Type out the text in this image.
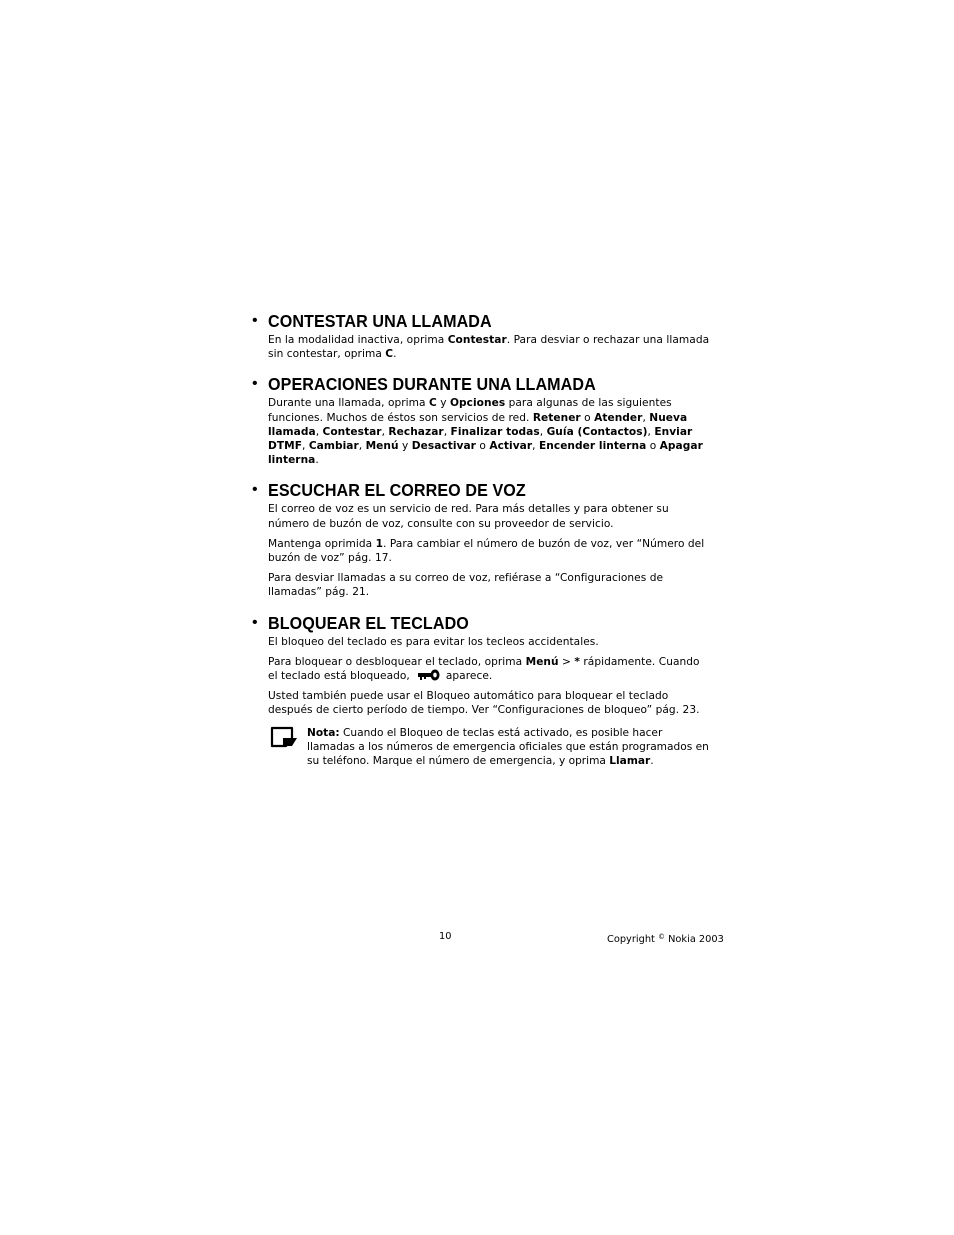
• CONTESTAR UNA LLAMADA

En la modalidad inactiva, oprima Contestar. Para desviar o rechazar una llamada sin contestar, oprima C.

• OPERACIONES DURANTE UNA LLAMADA

Durante una llamada, oprima C y Opciones para algunas de las siguientes funciones. Muchos de éstos son servicios de red. Retener o Atender, Nueva llamada, Contestar, Rechazar, Finalizar todas, Guía (Contactos), Enviar DTMF, Cambiar, Menú y Desactivar o Activar, Encender linterna o Apagar linterna.

• ESCUCHAR EL CORREO DE VOZ

El correo de voz es un servicio de red. Para más detalles y para obtener su número de buzón de voz, consulte con su proveedor de servicio.

Mantenga oprimida 1. Para cambiar el número de buzón de voz, ver “Número del buzón de voz” pág. 17.

Para desviar llamadas a su correo de voz, refiérase a “Configuraciones de llamadas” pág. 21.

• BLOQUEAR EL TECLADO

El bloqueo del teclado es para evitar los tecleos accidentales.

Para bloquear o desbloquear el teclado, oprima Menú > * rápidamente. Cuando el teclado está bloqueado,	aparece.

Usted también puede usar el Bloqueo automático para bloquear el teclado después de cierto período de tiempo. Ver “Configuraciones de bloqueo” pág. 23.

Nota: Cuando el Bloqueo de teclas está activado, es posible hacer llamadas a los números de emergencia oficiales que están programados en su teléfono. Marque el número de emergencia, y oprima Llamar.
10	Copyright © Nokia 2003
